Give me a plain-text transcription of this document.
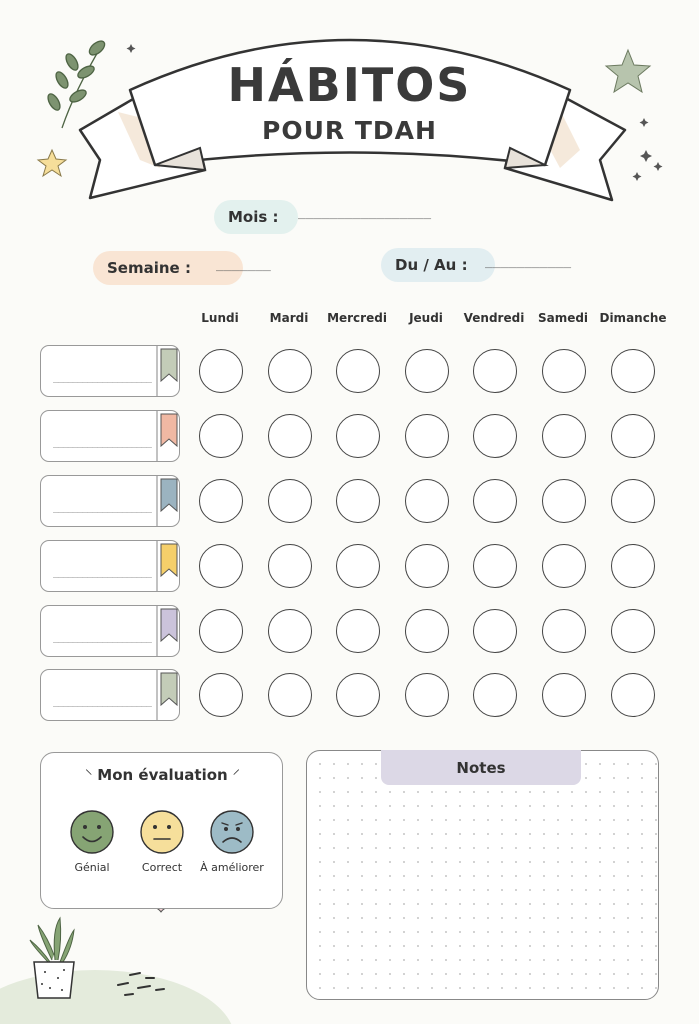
HÁBITOS
POUR TDAH
Mois : _________________
Semaine : _______	Du / Au : ___________
Lundi	Mardi	Mercredi	Jeudi	Vendredi	Samedi Dimanche
____________________
____________________
____________________
____________________
____________________
____________________
⸌ Mon évaluation ⸍
Génial	Correct	À améliorer
Notes
